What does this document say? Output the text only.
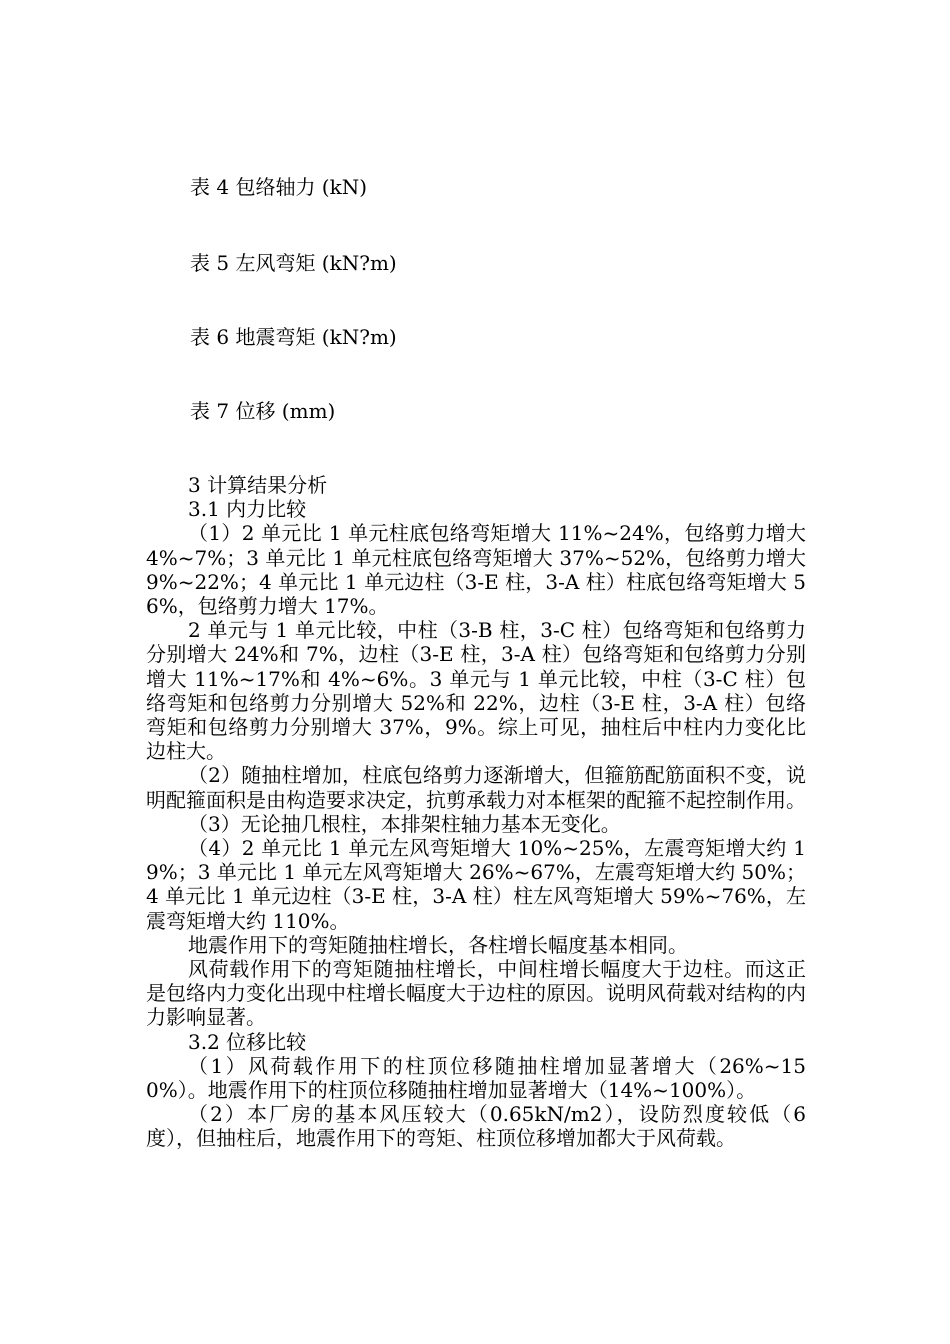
表 4 包络轴力 (kN)

表 5 左风弯矩 (kN?m)

表 6 地震弯矩 (kN?m)

表 7 位移 (mm)

3 计算结果分析

3.1 内力比较

（1）2 单元比 1 单元柱底包络弯矩增大 11%~24%，包络剪力增大 4%~7%；3 单元比 1 单元柱底包络弯矩增大 37%~52%，包络剪力增大 9%~22%；4 单元比 1 单元边柱（3-E 柱，3-A 柱）柱底包络弯矩增大 56%，包络剪力增大 17%。

2 单元与 1 单元比较，中柱（3-B 柱，3-C 柱）包络弯矩和包络剪力分别增大 24%和 7%，边柱（3-E 柱，3-A 柱）包络弯矩和包络剪力分别增大 11%~17%和 4%~6%。3 单元与 1 单元比较，中柱（3-C 柱）包络弯矩和包络剪力分别增大 52%和 22%，边柱（3-E 柱，3-A 柱）包络弯矩和包络剪力分别增大 37%，9%。综上可见，抽柱后中柱内力变化比边柱大。

（2）随抽柱增加，柱底包络剪力逐渐增大，但箍筋配筋面积不变，说明配箍面积是由构造要求决定，抗剪承载力对本框架的配箍不起控制作用。

（3）无论抽几根柱，本排架柱轴力基本无变化。

（4）2 单元比 1 单元左风弯矩增大 10%~25%，左震弯矩增大约 19%；3 单元比 1 单元左风弯矩增大 26%~67%，左震弯矩增大约 50%；4 单元比 1 单元边柱（3-E 柱，3-A 柱）柱左风弯矩增大 59%~76%，左震弯矩增大约 110%。

地震作用下的弯矩随抽柱增长，各柱增长幅度基本相同。

风荷载作用下的弯矩随抽柱增长，中间柱增长幅度大于边柱。而这正是包络内力变化出现中柱增长幅度大于边柱的原因。说明风荷载对结构的内力影响显著。

3.2 位移比较

（1）风荷载作用下的柱顶位移随抽柱增加显著增大（26%~150%）。地震作用下的柱顶位移随抽柱增加显著增大（14%~100%）。

（2）本厂房的基本风压较大（0.65kN/m2），设防烈度较低（6 度），但抽柱后，地震作用下的弯矩、柱顶位移增加都大于风荷载。
